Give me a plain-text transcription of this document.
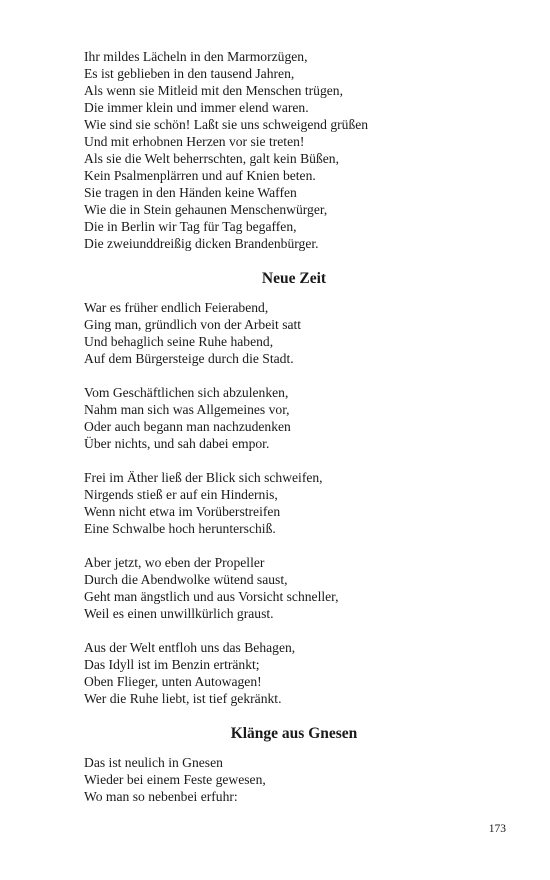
Ihr mildes Lächeln in den Marmorzügen,
Es ist geblieben in den tausend Jahren,
Als wenn sie Mitleid mit den Menschen trügen,
Die immer klein und immer elend waren.
Wie sind sie schön! Laßt sie uns schweigend grüßen
Und mit erhobnen Herzen vor sie treten!
Als sie die Welt beherrschten, galt kein Büßen,
Kein Psalmenplärren und auf Knien beten.
Sie tragen in den Händen keine Waffen
Wie die in Stein gehaunen Menschenwürger,
Die in Berlin wir Tag für Tag begaffen,
Die zweiunddreißig dicken Brandenbürger.
Neue Zeit
War es früher endlich Feierabend,
Ging man, gründlich von der Arbeit satt
Und behaglich seine Ruhe habend,
Auf dem Bürgersteige durch die Stadt.
Vom Geschäftlichen sich abzulenken,
Nahm man sich was Allgemeines vor,
Oder auch begann man nachzudenken
Über nichts, und sah dabei empor.
Frei im Äther ließ der Blick sich schweifen,
Nirgends stieß er auf ein Hindernis,
Wenn nicht etwa im Vorüberstreifen
Eine Schwalbe hoch herunterschiß.
Aber jetzt, wo eben der Propeller
Durch die Abendwolke wütend saust,
Geht man ängstlich und aus Vorsicht schneller,
Weil es einen unwillkürlich graust.
Aus der Welt entfloh uns das Behagen,
Das Idyll ist im Benzin ertränkt;
Oben Flieger, unten Autowagen!
Wer die Ruhe liebt, ist tief gekränkt.
Klänge aus Gnesen
Das ist neulich in Gnesen
Wieder bei einem Feste gewesen,
Wo man so nebenbei erfuhr:
173
